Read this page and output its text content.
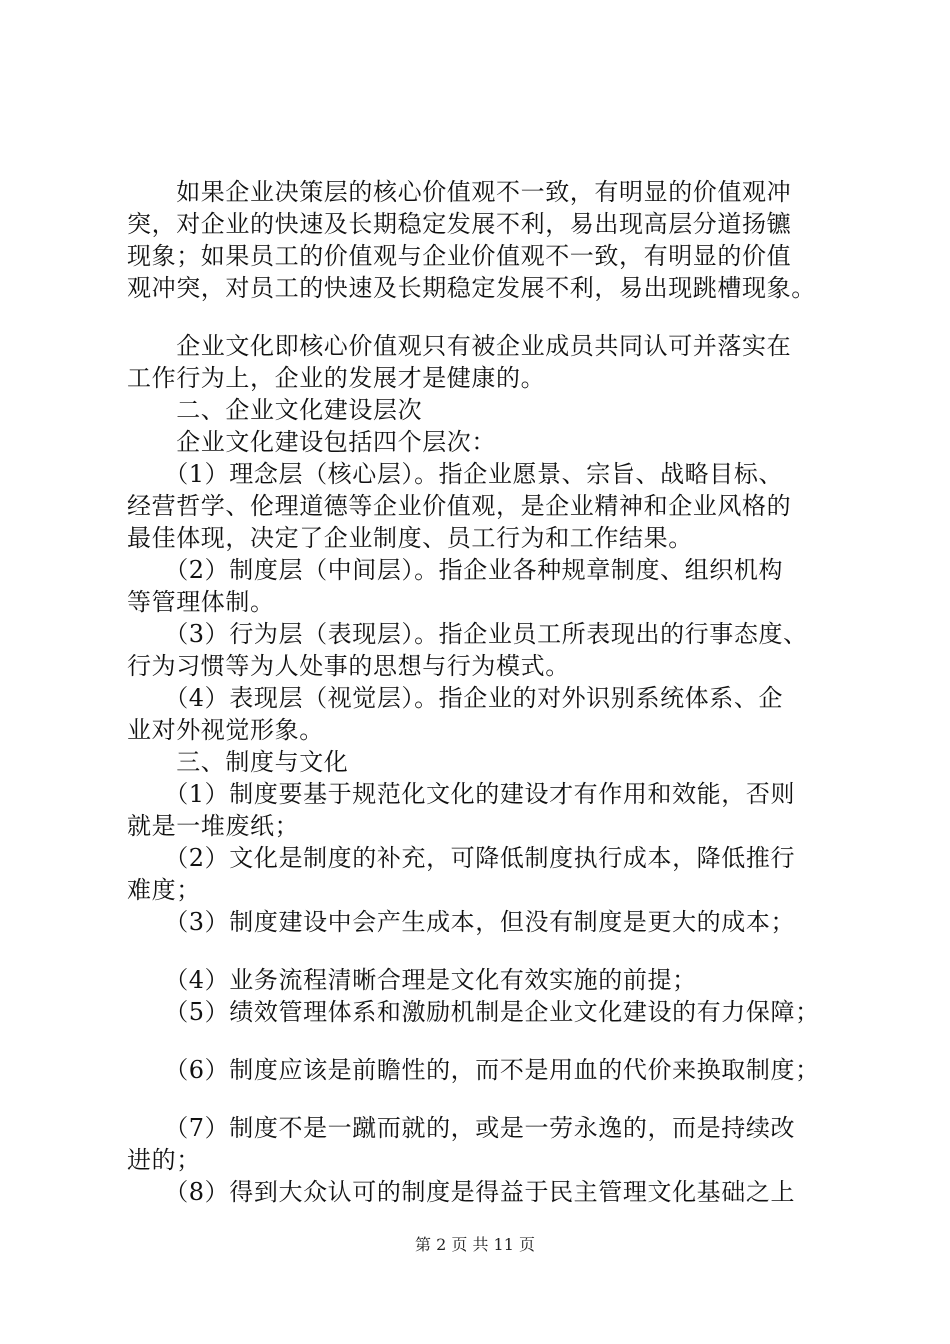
　　如果企业决策层的核心价值观不一致，有明显的价值观冲
突，对企业的快速及长期稳定发展不利，易出现高层分道扬镳
现象；如果员工的价值观与企业价值观不一致，有明显的价值
观冲突，对员工的快速及长期稳定发展不利，易出现跳槽现象。
　　企业文化即核心价值观只有被企业成员共同认可并落实在
工作行为上，企业的发展才是健康的。
　　二、企业文化建设层次
　　企业文化建设包括四个层次：
　　（1）理念层（核心层）。指企业愿景、宗旨、战略目标、
经营哲学、伦理道德等企业价值观，是企业精神和企业风格的
最佳体现，决定了企业制度、员工行为和工作结果。
　　（2）制度层（中间层）。指企业各种规章制度、组织机构
等管理体制。
　　（3）行为层（表现层）。指企业员工所表现出的行事态度、
行为习惯等为人处事的思想与行为模式。
　　（4）表现层（视觉层）。指企业的对外识别系统体系、企
业对外视觉形象。
　　三、制度与文化
　　（1）制度要基于规范化文化的建设才有作用和效能，否则
就是一堆废纸；
　　（2）文化是制度的补充，可降低制度执行成本，降低推行
难度；
　　（3）制度建设中会产生成本，但没有制度是更大的成本；
　　（4）业务流程清晰合理是文化有效实施的前提；
　　（5）绩效管理体系和激励机制是企业文化建设的有力保障；
　　（6）制度应该是前瞻性的，而不是用血的代价来换取制度；
　　（7）制度不是一蹴而就的，或是一劳永逸的，而是持续改
进的；
　　（8）得到大众认可的制度是得益于民主管理文化基础之上
第 2 页 共 11 页
